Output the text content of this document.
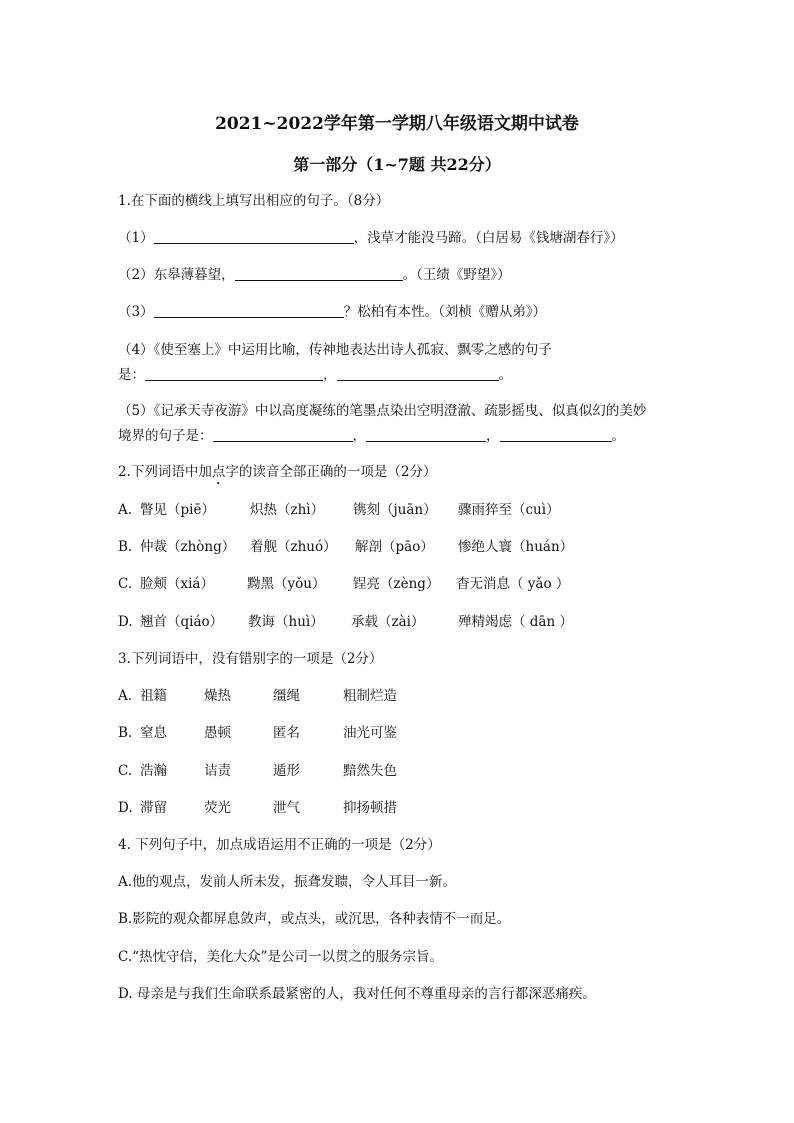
2021~2022学年第一学期八年级语文期中试卷
第一部分（1~7题 共22分）
1.在下面的横线上填写出相应的句子。（8分）
（1）	，浅草才能没马蹄。（白居易《钱塘湖春行》）
（2）东皋薄暮望，	。（王绩《野望》）
（3）	？松柏有本性。（刘桢《赠从弟》）
（4）《使至塞上》中运用比喻，传神地表达出诗人孤寂、飘零之感的句子
是：	，	。
（5）《记承天寺夜游》中以高度凝练的笔墨点染出空明澄澈、疏影摇曳、似真似幻的美妙
境界的句子是：	，	，	。
2.下列词语中加点字的读音全部正确的一项是（2分）
A. 瞥见（piē）	炽热（zhì） 镌刻（juān） 骤雨猝至（cuì）
B. 仲裁（zhòng） 着舰（zhuó） 解剖（pāo） 惨绝人寰（huán）
C. 脸颊（xiá） 黝黑（yǒu） 锃亮（zèng） 杳无消息（ yǎo ）
D. 翘首（qiáo） 教诲（huì） 承载（zài） 殚精竭虑（ dān ）
3.下列词语中，没有错别字的一项是（2分）
A. 祖籍	燥热	缰绳	粗制烂造
B. 窒息	愚顿	匿名	油光可鉴
C. 浩瀚	诘责	遁形	黯然失色
D. 滞留	荧光	泄气	抑扬顿措
4. 下列句子中，加点成语运用不正确的一项是（2分）
A.他的观点，发前人所未发，振聋发聩，令人耳目一新。
B.影院的观众都屏息敛声，或点头，或沉思，各种表情不一而足。
C.“热忱守信，美化大众”是公司一以贯之的服务宗旨。
D. 母亲是与我们生命联系最紧密的人，我对任何不尊重母亲的言行都深恶痛疾。
